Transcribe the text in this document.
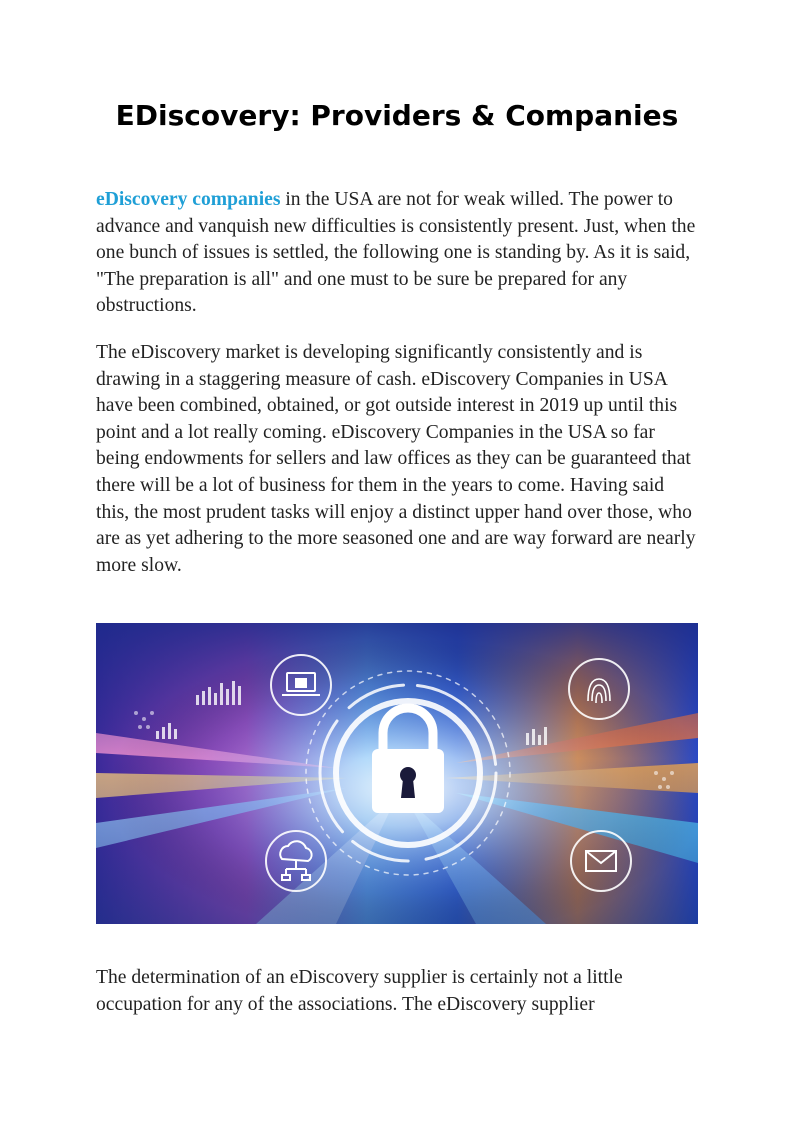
EDiscovery: Providers & Companies

eDiscovery companies in the USA are not for weak willed. The power to advance and vanquish new difficulties is consistently present. Just, when the one bunch of issues is settled, the following one is standing by. As it is said, "The preparation is all" and one must to be sure be prepared for any obstructions.

The eDiscovery market is developing significantly consistently and is drawing in a staggering measure of cash. eDiscovery Companies in USA have been combined, obtained, or got outside interest in 2019 up until this point and a lot really coming. eDiscovery Companies in the USA so far being endowments for sellers and law offices as they can be guaranteed that there will be a lot of business for them in the years to come. Having said this, the most prudent tasks will enjoy a distinct upper hand over those, who are as yet adhering to the more seasoned one and are way forward are nearly more slow.

The determination of an eDiscovery supplier is certainly not a little occupation for any of the associations. The eDiscovery supplier
